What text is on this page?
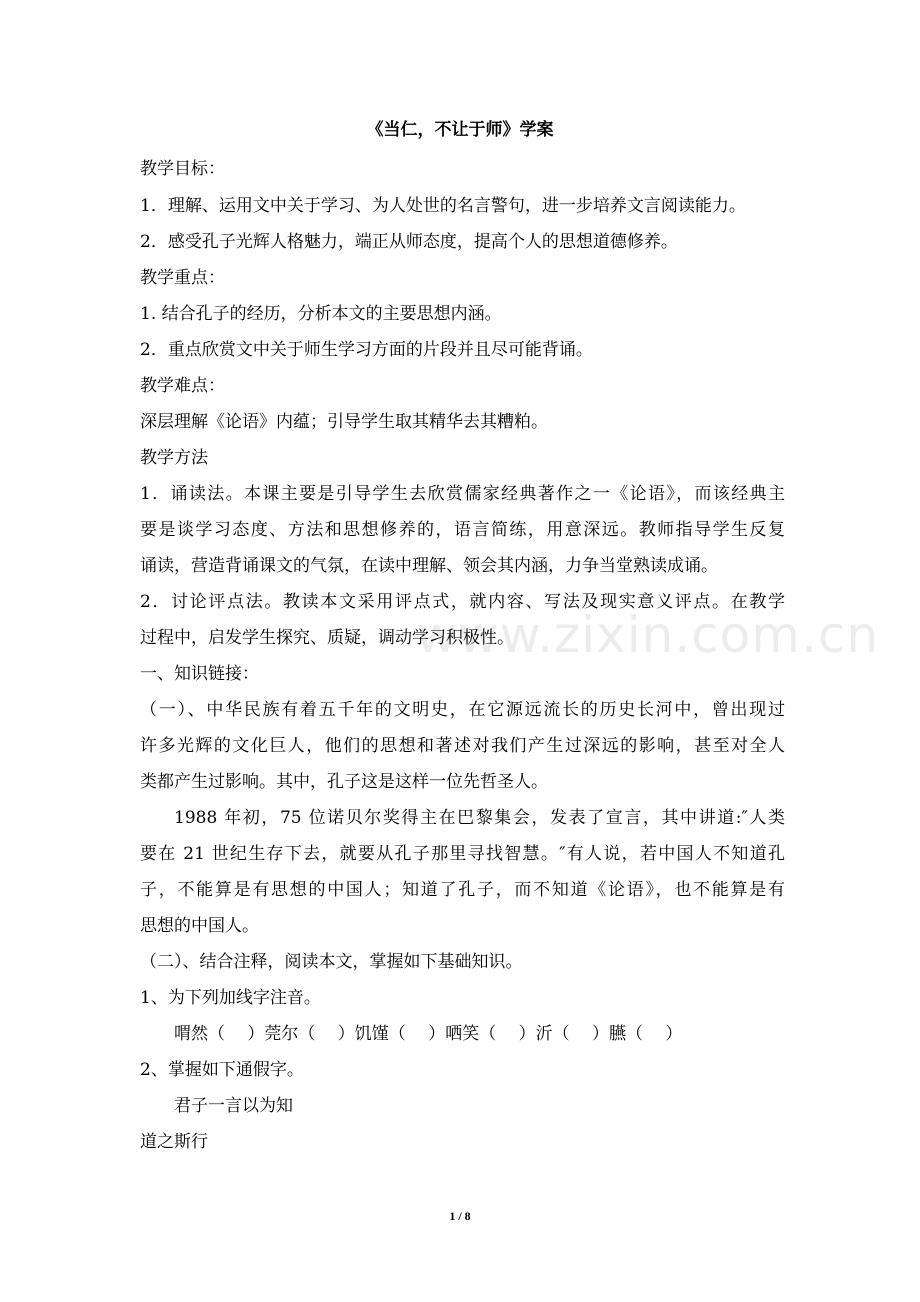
《当仁，不让于师》学案
教学目标：
1．理解、运用文中关于学习、为人处世的名言警句，进一步培养文言阅读能力。
2．感受孔子光辉人格魅力，端正从师态度，提高个人的思想道德修养。
教学重点：
1. 结合孔子的经历，分析本文的主要思想内涵。
2．重点欣赏文中关于师生学习方面的片段并且尽可能背诵。
教学难点：
深层理解《论语》内蕴；引导学生取其精华去其糟粕。
教学方法
1．诵读法。本课主要是引导学生去欣赏儒家经典著作之一《论语》，而该经典主
要是谈学习态度、方法和思想修养的，语言简练，用意深远。教师指导学生反复
诵读，营造背诵课文的气氛，在读中理解、领会其内涵，力争当堂熟读成诵。
2．讨论评点法。教读本文采用评点式，就内容、写法及现实意义评点。在教学
过程中，启发学生探究、质疑，调动学习积极性。
一、知识链接：
（一）、中华民族有着五千年的文明史，在它源远流长的历史长河中，曾出现过
许多光辉的文化巨人，他们的思想和著述对我们产生过深远的影响，甚至对全人
类都产生过影响。其中，孔子这是这样一位先哲圣人。
1988 年初，75 位诺贝尔奖得主在巴黎集会，发表了宣言，其中讲道:″人类
要在 21 世纪生存下去，就要从孔子那里寻找智慧。″有人说，若中国人不知道孔
子，不能算是有思想的中国人；知道了孔子，而不知道《论语》，也不能算是有
思想的中国人。
（二）、结合注释，阅读本文，掌握如下基础知识。
1、为下列加线字注音。
喟然（　 ）莞尔（　 ）饥馑（　 ）哂笑（　 ）沂（　 ）臙（　 ）
2、掌握如下通假字。
君子一言以为知
道之斯行
www.zixin.com.cn
1 / 8
